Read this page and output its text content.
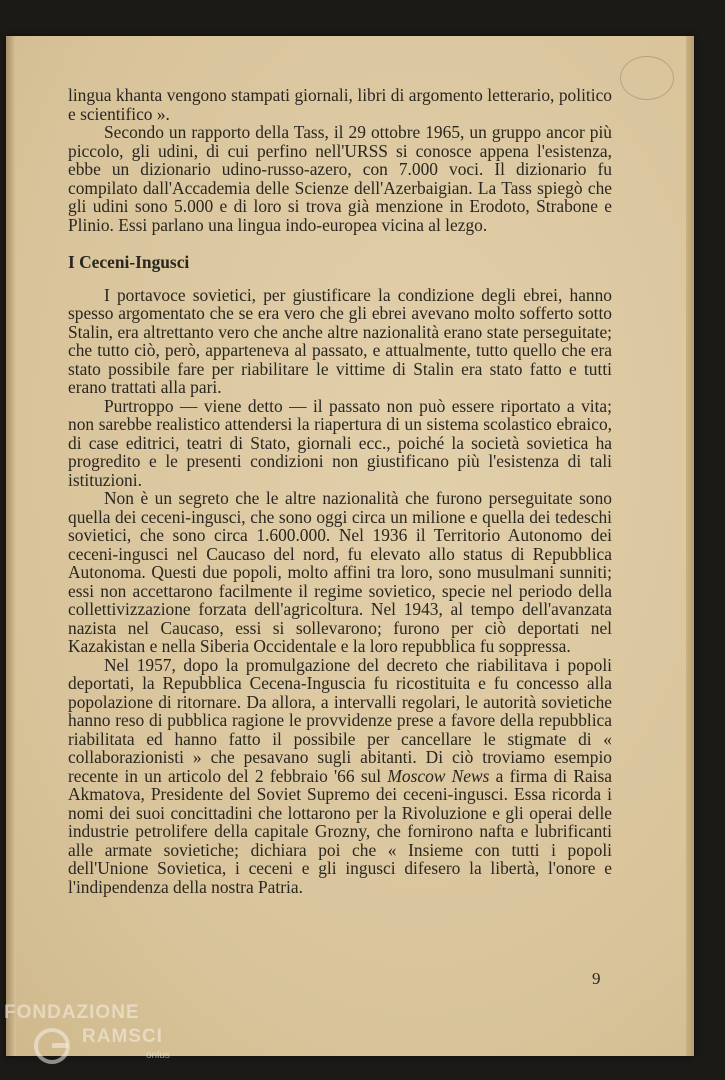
lingua khanta vengono stampati giornali, libri di argomento letterario, politico e scientifico ».

Secondo un rapporto della Tass, il 29 ottobre 1965, un gruppo ancor più piccolo, gli udini, di cui perfino nell'URSS si conosce appena l'esistenza, ebbe un dizionario udino-russo-azero, con 7.000 voci. Il dizionario fu compilato dall'Accademia delle Scienze dell'Azerbaigian. La Tass spiegò che gli udini sono 5.000 e di loro si trova già menzione in Erodoto, Strabone e Plinio. Essi parlano una lingua indo-europea vicina al lezgo.

I Ceceni-Ingusci

I portavoce sovietici, per giustificare la condizione degli ebrei, hanno spesso argomentato che se era vero che gli ebrei avevano molto sofferto sotto Stalin, era altrettanto vero che anche altre nazionalità erano state perseguitate; che tutto ciò, però, apparteneva al passato, e attualmente, tutto quello che era stato possibile fare per riabilitare le vittime di Stalin era stato fatto e tutti erano trattati alla pari.

Purtroppo — viene detto — il passato non può essere riportato a vita; non sarebbe realistico attendersi la riapertura di un sistema scolastico ebraico, di case editrici, teatri di Stato, giornali ecc., poiché la società sovietica ha progredito e le presenti condizioni non giustificano più l'esistenza di tali istituzioni.

Non è un segreto che le altre nazionalità che furono perseguitate sono quella dei ceceni-ingusci, che sono oggi circa un milione e quella dei tedeschi sovietici, che sono circa 1.600.000. Nel 1936 il Territorio Autonomo dei ceceni-ingusci nel Caucaso del nord, fu elevato allo status di Repubblica Autonoma. Questi due popoli, molto affini tra loro, sono musulmani sunniti; essi non accettarono facilmente il regime sovietico, specie nel periodo della collettivizzazione forzata dell'agricoltura. Nel 1943, al tempo dell'avanzata nazista nel Caucaso, essi si sollevarono; furono per ciò deportati nel Kazakistan e nella Siberia Occidentale e la loro repubblica fu soppressa.

Nel 1957, dopo la promulgazione del decreto che riabilitava i popoli deportati, la Repubblica Cecena-Inguscia fu ricostituita e fu concesso alla popolazione di ritornare. Da allora, a intervalli regolari, le autorità sovietiche hanno reso di pubblica ragione le provvidenze prese a favore della repubblica riabilitata ed hanno fatto il possibile per cancellare le stigmate di « collaborazionisti » che pesavano sugli abitanti. Di ciò troviamo esempio recente in un articolo del 2 febbraio '66 sul Moscow News a firma di Raisa Akmatova, Presidente del Soviet Supremo dei ceceni-ingusci. Essa ricorda i nomi dei suoi concittadini che lottarono per la Rivoluzione e gli operai delle industrie petrolifere della capitale Grozny, che fornirono nafta e lubrificanti alle armate sovietiche; dichiara poi che « Insieme con tutti i popoli dell'Unione Sovietica, i ceceni e gli ingusci difesero la libertà, l'onore e l'indipendenza della nostra Patria.

9
FONDAZIONE
RAMSCI
onlus
